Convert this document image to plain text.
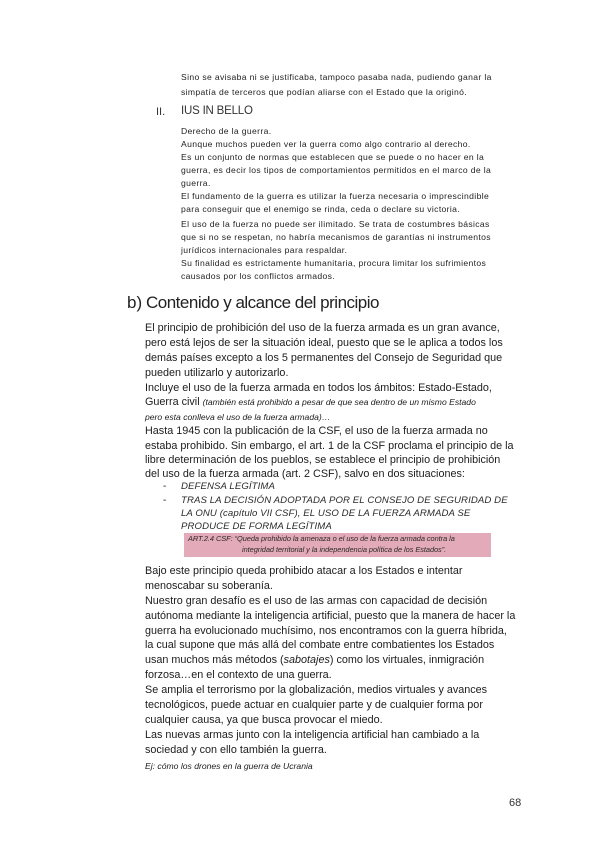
Sino se avisaba ni se justificaba, tampoco pasaba nada, pudiendo ganar la
simpatía de terceros que podían aliarse con el Estado que la originó.
II. IUS IN BELLO
Derecho de la guerra.
Aunque muchos pueden ver la guerra como algo contrario al derecho.
Es un conjunto de normas que establecen que se puede o no hacer en la
guerra, es decir los tipos de comportamientos permitidos en el marco de la
guerra.
El fundamento de la guerra es utilizar la fuerza necesaria o imprescindible
para conseguir que el enemigo se rinda, ceda o declare su victoria.
El uso de la fuerza no puede ser ilimitado. Se trata de costumbres básicas
que si no se respetan, no habría mecanismos de garantías ni instrumentos
jurídicos internacionales para respaldar.
Su finalidad es estrictamente humanitaria, procura limitar los sufrimientos
causados por los conflictos armados.
b) Contenido y alcance del principio
El principio de prohibición del uso de la fuerza armada es un gran avance,
pero está lejos de ser la situación ideal, puesto que se le aplica a todos los
demás países excepto a los 5 permanentes del Consejo de Seguridad que
pueden utilizarlo y autorizarlo.
Incluye el uso de la fuerza armada en todos los ámbitos: Estado-Estado,
Guerra civil (también está prohibido a pesar de que sea dentro de un mismo Estado
pero esta conlleva el uso de la fuerza armada)…
Hasta 1945 con la publicación de la CSF, el uso de la fuerza armada no
estaba prohibido. Sin embargo, el art. 1 de la CSF proclama el principio de la
libre determinación de los pueblos, se establece el principio de prohibición
del uso de la fuerza armada (art. 2 CSF), salvo en dos situaciones:
- DEFENSA LEGÍTIMA
- TRAS LA DECISIÓN ADOPTADA POR EL CONSEJO DE SEGURIDAD DE
LA ONU (capítulo VII CSF), EL USO DE LA FUERZA ARMADA SE
PRODUCE DE FORMA LEGÍTIMA
ART.2.4 CSF: “Queda prohibido la amenaza o el uso de la fuerza armada contra la
integridad territorial y la independencia política de los Estados”.
Bajo este principio queda prohibido atacar a los Estados e intentar
menoscabar su soberanía.
Nuestro gran desafío es el uso de las armas con capacidad de decisión
autónoma mediante la inteligencia artificial, puesto que la manera de hacer la
guerra ha evolucionado muchísimo, nos encontramos con la guerra híbrida,
la cual supone que más allá del combate entre combatientes los Estados
usan muchos más métodos (sabotajes) como los virtuales, inmigración
forzosa…en el contexto de una guerra.
Se amplia el terrorismo por la globalización, medios virtuales y avances
tecnológicos, puede actuar en cualquier parte y de cualquier forma por
cualquier causa, ya que busca provocar el miedo.
Las nuevas armas junto con la inteligencia artificial han cambiado a la
sociedad y con ello también la guerra.
Ej: cómo los drones en la guerra de Ucrania
68
